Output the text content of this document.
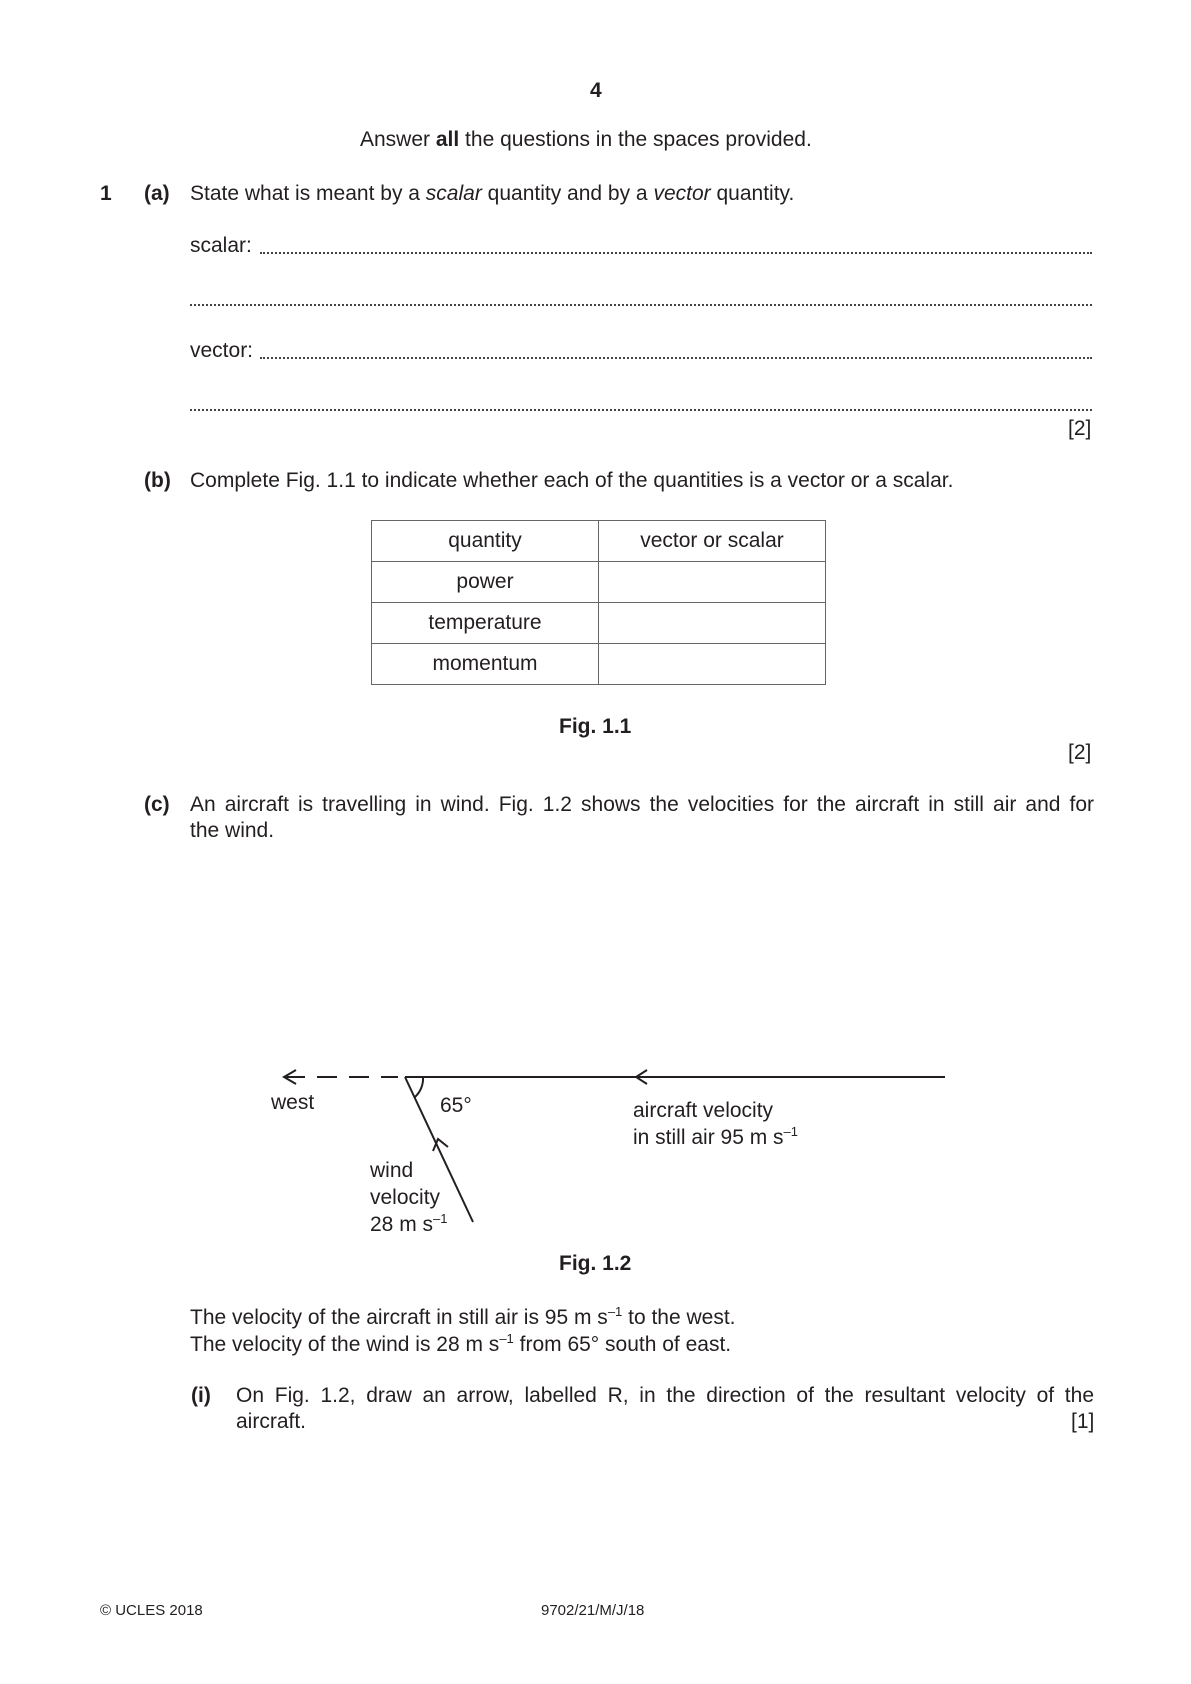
4
Answer all the questions in the spaces provided.
1 (a) State what is meant by a scalar quantity and by a vector quantity.
scalar:
vector:
[2]
(b) Complete Fig. 1.1 to indicate whether each of the quantities is a vector or a scalar.
quantity	vector or scalar
power	
temperature	
momentum	
Fig. 1.1
[2]
(c) An aircraft is travelling in wind. Fig. 1.2 shows the velocities for the aircraft in still air and for
the wind.
west	65°	aircraft velocity
in still air 95 m $s^{-1}$
wind
velocity
28 m $s^{-1}$
Fig. 1.2
The velocity of the aircraft in still air is 95 m $s^{-1}$ to the west.
The velocity of the wind is 28 m $s^{-1}$ from 65° south of east.
(i) On Fig. 1.2, draw an arrow, labelled R, in the direction of the resultant velocity of the
aircraft.	[1]
© UCLES 2018	9702/21/M/J/18
